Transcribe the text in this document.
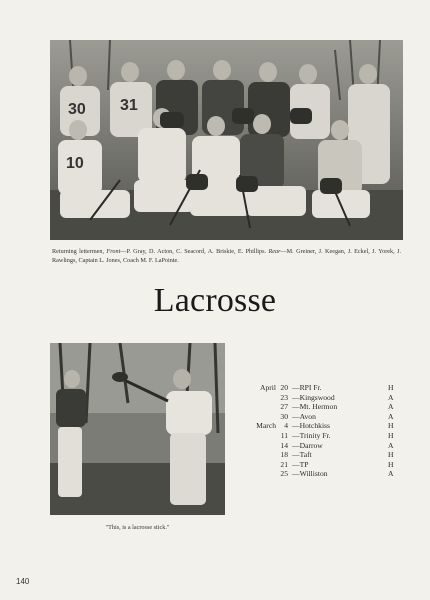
30 31
10
Returning lettermen, Front—P. Gray, D. Acton, C. Seacord, A. Briskie, E. Phillips. Rear—M. Greiner, J. Keegan, J. Eckel, J. Yorek, J. Rawlings, Captain L. Jones, Coach M. F. LaPointe.
Lacrosse
April 20 —RPI Fr.	H
23 —Kingswood	A
27 —Mt. Hermon	A
30 —Avon	A
March	4 —Hotchkiss	H
11 —Trinity Fr.	H
14 —Darrow	A
18 —Taft	H
21 —TP	H
25 —Williston	A
"This, is a lacrosse stick."
140
